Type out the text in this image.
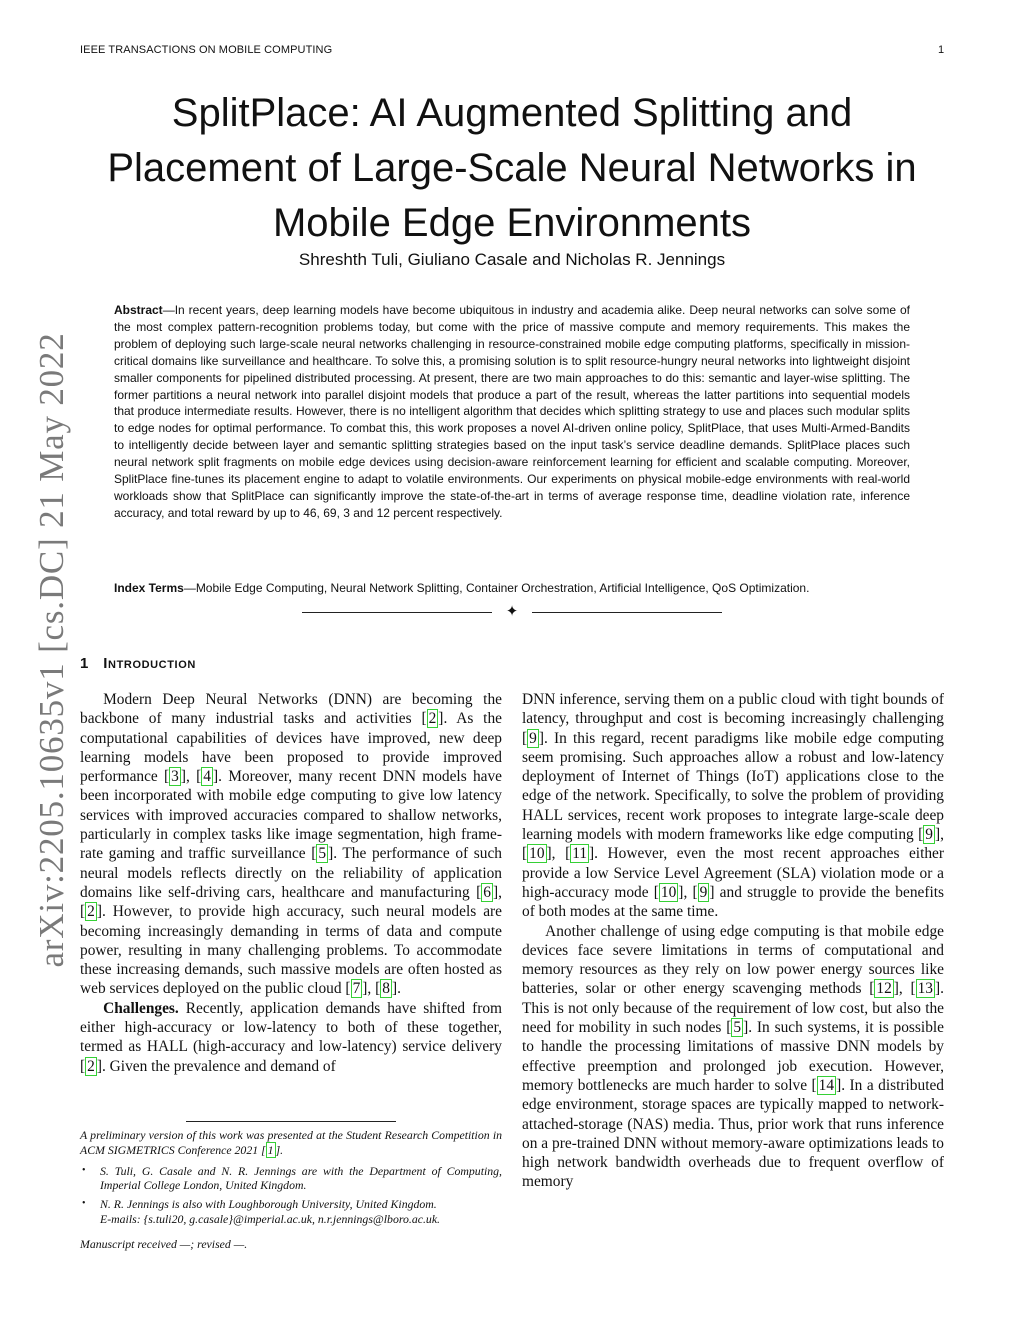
IEEE TRANSACTIONS ON MOBILE COMPUTING	1
arXiv:2205.10635v1 [cs.DC] 21 May 2022
SplitPlace: AI Augmented Splitting and
Placement of Large-Scale Neural Networks in
Mobile Edge Environments
Shreshth Tuli, Giuliano Casale and Nicholas R. Jennings

Abstract—In recent years, deep learning models have become ubiquitous in industry and academia alike. Deep neural networks can solve some of the most complex pattern-recognition problems today, but come with the price of massive compute and memory requirements. This makes the problem of deploying such large-scale neural networks challenging in resource-constrained mobile edge computing platforms, specifically in mission-critical domains like surveillance and healthcare. To solve this, a promising solution is to split resource-hungry neural networks into lightweight disjoint smaller components for pipelined distributed processing. At present, there are two main approaches to do this: semantic and layer-wise splitting. The former partitions a neural network into parallel disjoint models that produce a part of the result, whereas the latter partitions into sequential models that produce intermediate results. However, there is no intelligent algorithm that decides which splitting strategy to use and places such modular splits to edge nodes for optimal performance. To combat this, this work proposes a novel AI-driven online policy, SplitPlace, that uses Multi-Armed-Bandits to intelligently decide between layer and semantic splitting strategies based on the input task’s service deadline demands. SplitPlace places such neural network split fragments on mobile edge devices using decision-aware reinforcement learning for efficient and scalable computing. Moreover, SplitPlace fine-tunes its placement engine to adapt to volatile environments. Our experiments on physical mobile-edge environments with real-world workloads show that SplitPlace can significantly improve the state-of-the-art in terms of average response time, deadline violation rate, inference accuracy, and total reward by up to 46, 69, 3 and 12 percent respectively.

Index Terms—Mobile Edge Computing, Neural Network Splitting, Container Orchestration, Artificial Intelligence, QoS Optimization.

✦
1 Introduction

Modern Deep Neural Networks (DNN) are becoming the backbone of many industrial tasks and activities [ 2 ]. As the computational capabilities of devices have improved, new deep learning models have been proposed to provide improved performance [ 3 ], [ 4 ]. Moreover, many recent DNN models have been incorporated with mobile edge computing to give low latency services with improved accuracies compared to shallow networks, particularly in complex tasks like image segmentation, high frame-rate gaming and traffic surveillance [ 5 ]. The performance of such neural models reflects directly on the reliability of application domains like self-driving cars, healthcare and manufacturing [ 6 ], [ 2 ]. However, to provide high accuracy, such neural models are becoming increasingly demanding in terms of data and compute power, resulting in many challenging problems. To accommodate these increasing demands, such massive models are often hosted as web services deployed on the public cloud [ 7 ], [ 8 ].

Challenges. Recently, application demands have shifted from either high-accuracy or low-latency to both of these together, termed as HALL (high-accuracy and low-latency) service delivery [ 2 ]. Given the prevalence and demand of

DNN inference, serving them on a public cloud with tight bounds of latency, throughput and cost is becoming increasingly challenging [ 9 ]. In this regard, recent paradigms like mobile edge computing seem promising. Such approaches allow a robust and low-latency deployment of Internet of Things (IoT) applications close to the edge of the network. Specifically, to solve the problem of providing HALL services, recent work proposes to integrate large-scale deep learning models with modern frameworks like edge computing [ 9 ], [ 10 ], [ 11 ]. However, even the most recent approaches either provide a low Service Level Agreement (SLA) violation mode or a high-accuracy mode [ 10 ], [ 9 ] and struggle to provide the benefits of both modes at the same time.

Another challenge of using edge computing is that mobile edge devices face severe limitations in terms of computational and memory resources as they rely on low power energy sources like batteries, solar or other energy scavenging methods [ 12 ], [ 13 ]. This is not only because of the requirement of low cost, but also the need for mobility in such nodes [ 5 ]. In such systems, it is possible to handle the processing limitations of massive DNN models by effective preemption and prolonged job execution. However, memory bottlenecks are much harder to solve [ 14 ]. In a distributed edge environment, storage spaces are typically mapped to network-attached-storage (NAS) media. Thus, prior work that runs inference on a pre-trained DNN without memory-aware optimizations leads to high network bandwidth overheads due to frequent overflow of memory

A preliminary version of this work was presented at the Student Research Competition in ACM SIGMETRICS Conference 2021 [ 1 ].

• S. Tuli, G. Casale and N. R. Jennings are with the Department of Computing, Imperial College London, United Kingdom.

• N. R. Jennings is also with Loughborough University, United Kingdom.
E-mails: {s.tuli20, g.casale}@imperial.ac.uk, n.r.jennings@lboro.ac.uk.

Manuscript received —; revised —.
